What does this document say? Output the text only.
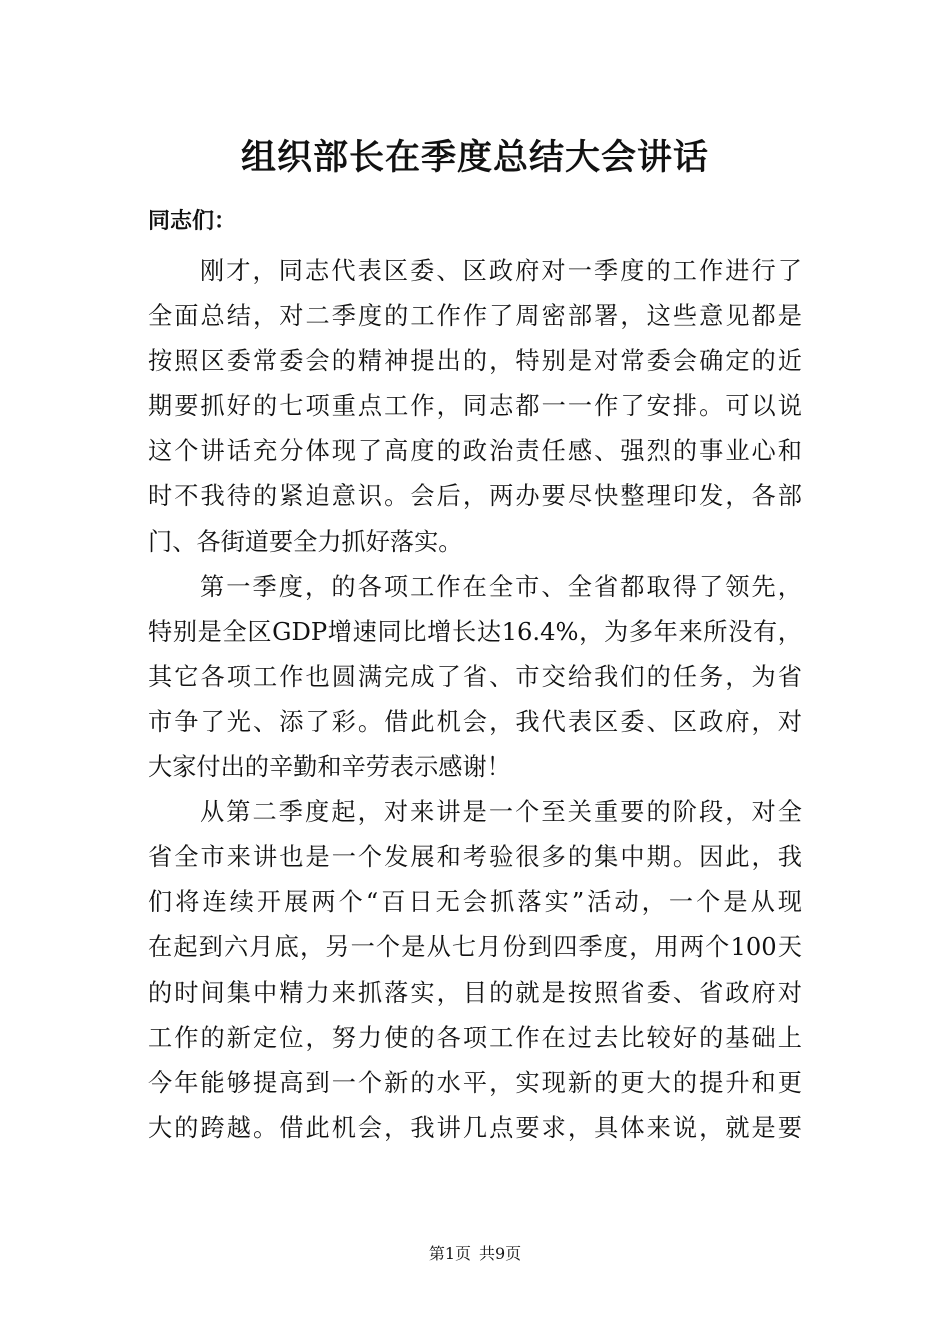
组织部长在季度总结大会讲话
同志们：
刚才，同志代表区委、区政府对一季度的工作进行了
全面总结，对二季度的工作作了周密部署，这些意见都是
按照区委常委会的精神提出的，特别是对常委会确定的近
期要抓好的七项重点工作，同志都一一作了安排。可以说
这个讲话充分体现了高度的政治责任感、强烈的事业心和
时不我待的紧迫意识。会后，两办要尽快整理印发，各部
门、各街道要全力抓好落实。
第一季度，的各项工作在全市、全省都取得了领先，
特别是全区GDP增速同比增长达16.4%，为多年来所没有，
其它各项工作也圆满完成了省、市交给我们的任务，为省
市争了光、添了彩。借此机会，我代表区委、区政府，对
大家付出的辛勤和辛劳表示感谢！
从第二季度起，对来讲是一个至关重要的阶段，对全
省全市来讲也是一个发展和考验很多的集中期。因此，我
们将连续开展两个“百日无会抓落实”活动，一个是从现
在起到六月底，另一个是从七月份到四季度，用两个100天
的时间集中精力来抓落实，目的就是按照省委、省政府对
工作的新定位，努力使的各项工作在过去比较好的基础上
今年能够提高到一个新的水平，实现新的更大的提升和更
大的跨越。借此机会，我讲几点要求，具体来说，就是要
第1页 共9页
